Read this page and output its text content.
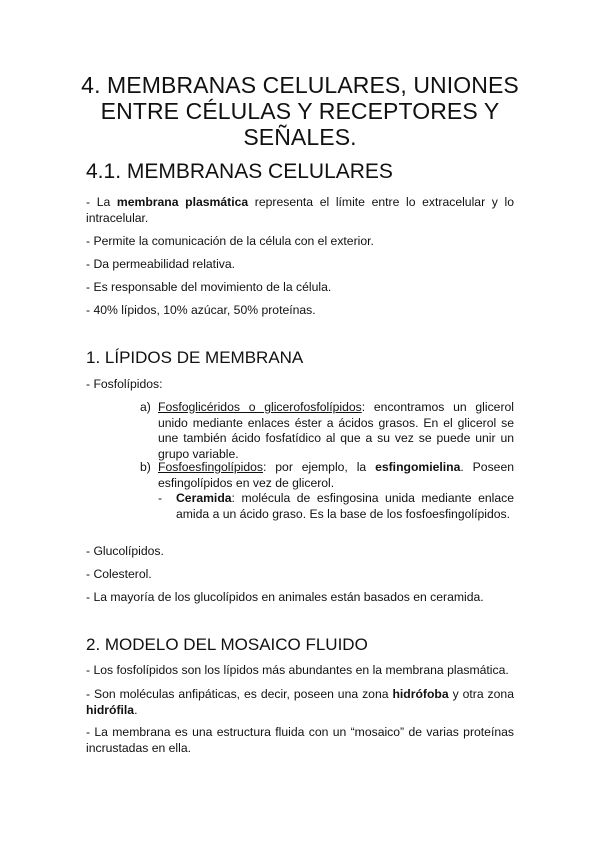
4. MEMBRANAS CELULARES, UNIONES
ENTRE CÉLULAS Y RECEPTORES Y
SEÑALES.
4.1. MEMBRANAS CELULARES

- La membrana plasmática representa el límite entre lo extracelular y lo intracelular.

- Permite la comunicación de la célula con el exterior.

- Da permeabilidad relativa.

- Es responsable del movimiento de la célula.

- 40% lípidos, 10% azúcar, 50% proteínas.

1. LÍPIDOS DE MEMBRANA

- Fosfolípidos:

a) Fosfoglicéridos o glicerofosfolípidos: encontramos un glicerol unido mediante enlaces éster a ácidos grasos. En el glicerol se une también ácido fosfatídico al que a su vez se puede unir un grupo variable.

b) Fosfoesfingolípidos: por ejemplo, la esfingomielina. Poseen esfingolípidos en vez de glicerol.

- Ceramida: molécula de esfingosina unida mediante enlace amida a un ácido graso. Es la base de los fosfoesfingolípidos.

- Glucolípidos.

- Colesterol.

- La mayoría de los glucolípidos en animales están basados en ceramida.

2. MODELO DEL MOSAICO FLUIDO

- Los fosfolípidos son los lípidos más abundantes en la membrana plasmática.

- Son moléculas anfipáticas, es decir, poseen una zona hidrófoba y otra zona hidrófila.

- La membrana es una estructura fluida con un “mosaico” de varias proteínas incrustadas en ella.
